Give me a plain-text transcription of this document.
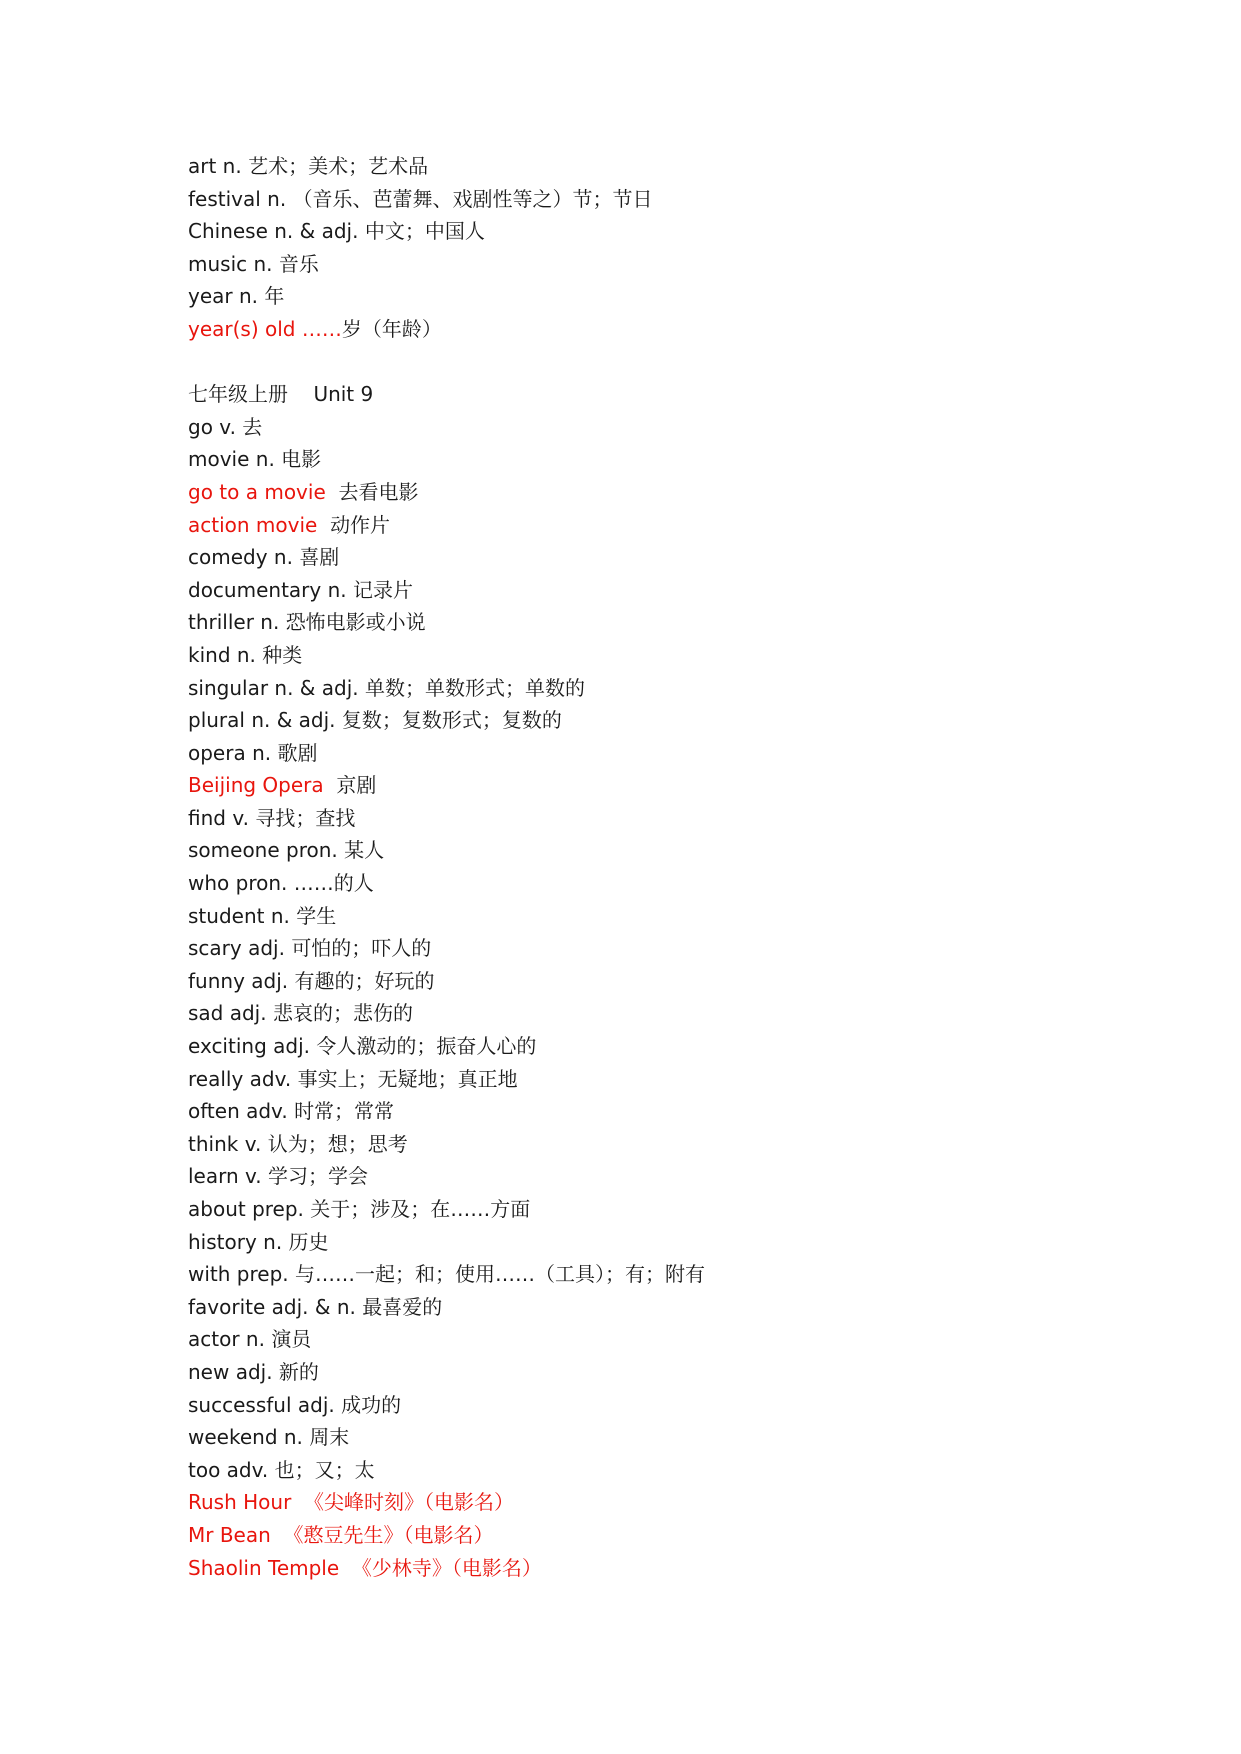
art n. 艺术；美术；艺术品
festival n. （音乐、芭蕾舞、戏剧性等之）节；节日
Chinese n. & adj. 中文；中国人
music n. 音乐
year n. 年
year(s) old ……岁（年龄）
七年级上册 Unit 9
go v. 去
movie n. 电影
go to a movie 去看电影
action movie 动作片
comedy n. 喜剧
documentary n. 记录片
thriller n. 恐怖电影或小说
kind n. 种类
singular n. & adj. 单数；单数形式；单数的
plural n. & adj. 复数；复数形式；复数的
opera n. 歌剧
Beijing Opera 京剧
find v. 寻找；查找
someone pron. 某人
who pron. ……的人
student n. 学生
scary adj. 可怕的；吓人的
funny adj. 有趣的；好玩的
sad adj. 悲哀的；悲伤的
exciting adj. 令人激动的；振奋人心的
really adv. 事实上；无疑地；真正地
often adv. 时常；常常
think v. 认为；想；思考
learn v. 学习；学会
about prep. 关于；涉及；在……方面
history n. 历史
with prep. 与……一起；和；使用……（工具）；有；附有
favorite adj. & n. 最喜爱的
actor n. 演员
new adj. 新的
successful adj. 成功的
weekend n. 周末
too adv. 也；又；太
Rush Hour 《尖峰时刻》（电影名）
Mr Bean 《憨豆先生》（电影名）
Shaolin Temple 《少林寺》（电影名）
